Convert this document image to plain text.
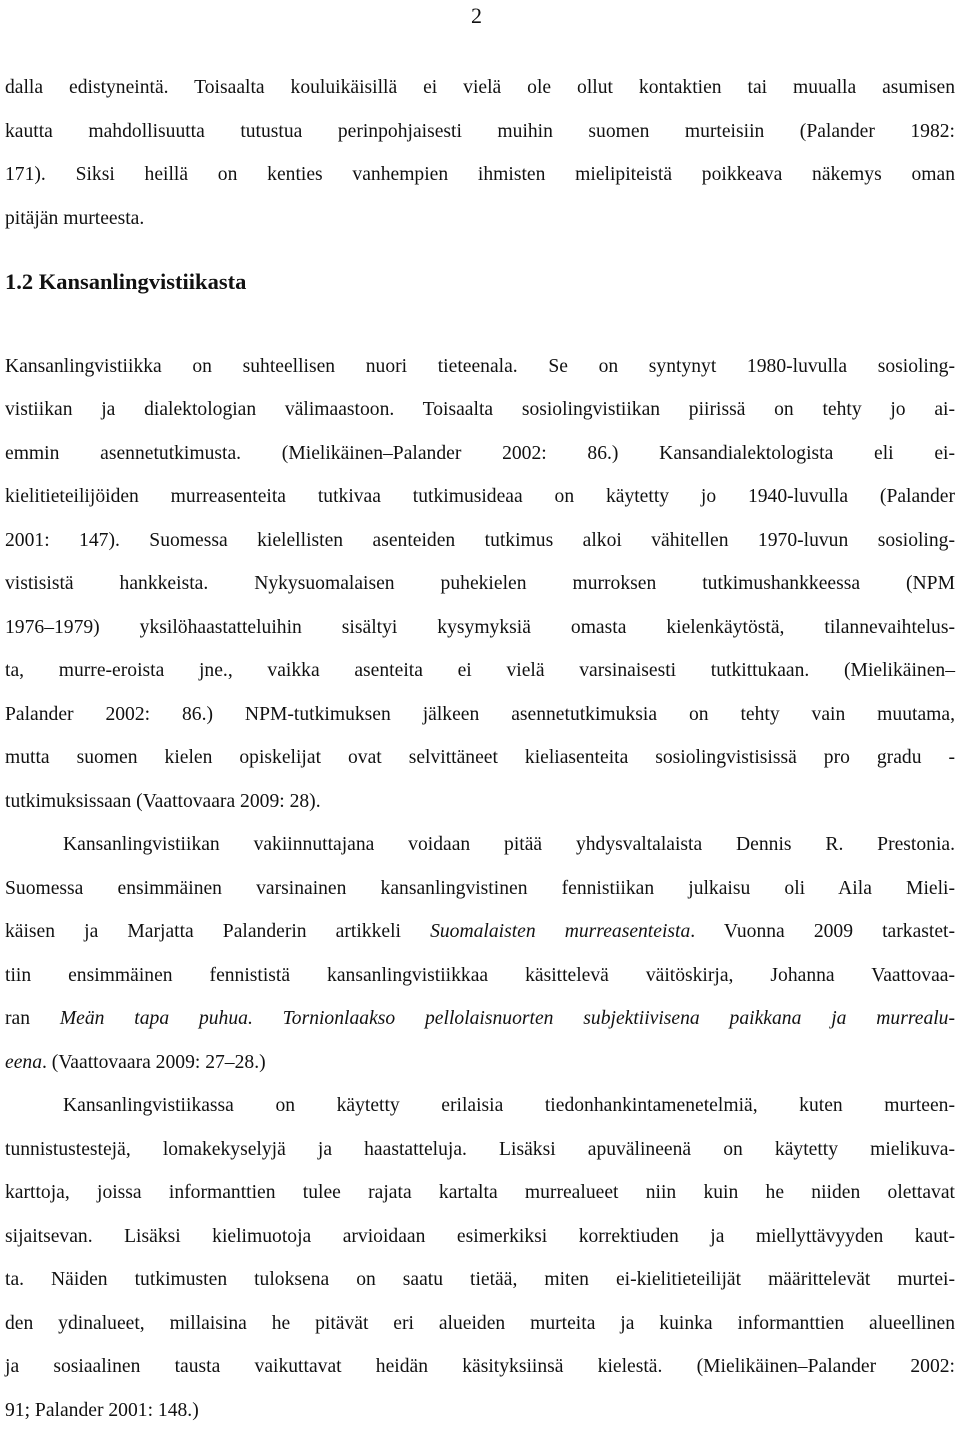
2

dalla edistyneintä. Toisaalta kouluikäisillä ei vielä ole ollut kontaktien tai muualla asumisen
kautta mahdollisuutta tutustua perinpohjaisesti muihin suomen murteisiin (Palander 1982:
171). Siksi heillä on kenties vanhempien ihmisten mielipiteistä poikkeava näkemys oman
pitäjän murteesta.

1.2 Kansanlingvistiikasta

Kansanlingvistiikka on suhteellisen nuori tieteenala. Se on syntynyt 1980-luvulla sosioling-
vistiikan ja dialektologian välimaastoon. Toisaalta sosiolingvistiikan piirissä on tehty jo ai-
emmin asennetutkimusta. (Mielikäinen–Palander 2002: 86.) Kansandialektologista eli ei-
kielitieteilijöiden murreasenteita tutkivaa tutkimusideaa on käytetty jo 1940-luvulla (Palander
2001: 147). Suomessa kielellisten asenteiden tutkimus alkoi vähitellen 1970-luvun sosioling-
vistisistä hankkeista. Nykysuomalaisen puhekielen murroksen tutkimushankkeessa (NPM
1976–1979) yksilöhaastatteluihin sisältyi kysymyksiä omasta kielenkäytöstä, tilannevaihtelus-
ta, murre-eroista jne., vaikka asenteita ei vielä varsinaisesti tutkittukaan. (Mielikäinen–
Palander 2002: 86.) NPM-tutkimuksen jälkeen asennetutkimuksia on tehty vain muutama,
mutta suomen kielen opiskelijat ovat selvittäneet kieliasenteita sosiolingvistisissä pro gradu -
tutkimuksissaan (Vaattovaara 2009: 28).

Kansanlingvistiikan vakiinnuttajana voidaan pitää yhdysvaltalaista Dennis R. Prestonia.
Suomessa ensimmäinen varsinainen kansanlingvistinen fennistiikan julkaisu oli Aila Mieli-
käisen ja Marjatta Palanderin artikkeli Suomalaisten murreasenteista. Vuonna 2009 tarkastet-
tiin ensimmäinen fennististä kansanlingvistiikkaa käsittelevä väitöskirja, Johanna Vaattovaa-
ran Meän tapa puhua. Tornionlaakso pellolaisnuorten subjektiivisena paikkana ja murrealu-
eena. (Vaattovaara 2009: 27–28.)

Kansanlingvistiikassa on käytetty erilaisia tiedonhankintamenetelmiä, kuten murteen-
tunnistustestejä, lomakekyselyjä ja haastatteluja. Lisäksi apuvälineenä on käytetty mielikuva-
karttoja, joissa informanttien tulee rajata kartalta murrealueet niin kuin he niiden olettavat
sijaitsevan. Lisäksi kielimuotoja arvioidaan esimerkiksi korrektiuden ja miellyttävyyden kaut-
ta. Näiden tutkimusten tuloksena on saatu tietää, miten ei-kielitieteilijät määrittelevät murtei-
den ydinalueet, millaisina he pitävät eri alueiden murteita ja kuinka informanttien alueellinen
ja sosiaalinen tausta vaikuttavat heidän käsityksiinsä kielestä. (Mielikäinen–Palander 2002:
91; Palander 2001: 148.)
